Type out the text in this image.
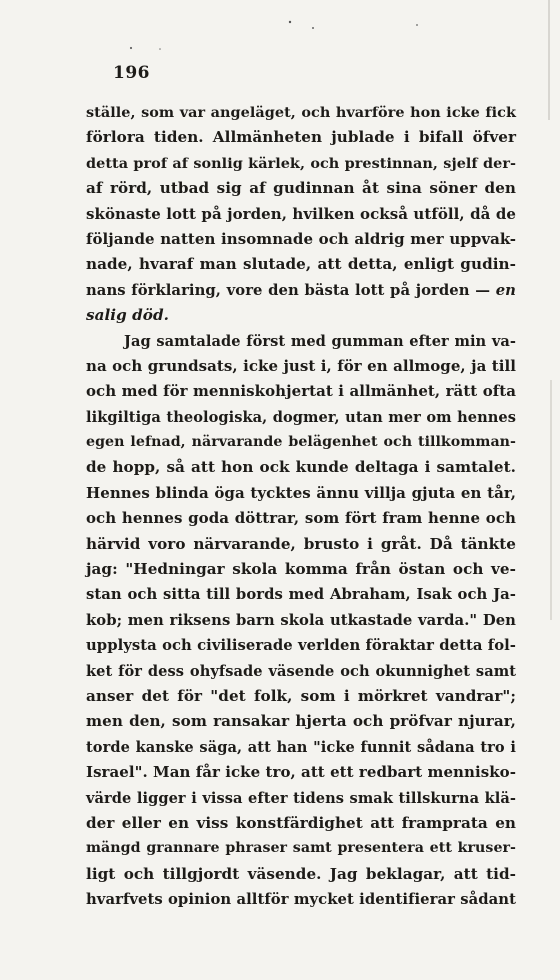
196
ställe, som var angeläget, och hvarföre hon icke fick
förlora tiden. Allmänheten jublade i bifall öfver
detta prof af sonlig kärlek, och prestinnan, sjelf der-
af rörd, utbad sig af gudinnan åt sina söner den
skönaste lott på jorden, hvilken också utföll, då de
följande natten insomnade och aldrig mer uppvak-
nade, hvaraf man slutade, att detta, enligt gudin-
nans förklaring, vore den bästa lott på jorden — en
salig död.
Jag samtalade först med gumman efter min va-
na och grundsats, icke just i, för en allmoge, ja till
och med för menniskohjertat i allmänhet, rätt ofta
likgiltiga theologiska, dogmer, utan mer om hennes
egen lefnad, närvarande belägenhet och tillkomman-
de hopp, så att hon ock kunde deltaga i samtalet.
Hennes blinda öga tycktes ännu villja gjuta en tår,
och hennes goda döttrar, som fört fram henne och
härvid voro närvarande, brusto i gråt. Då tänkte
jag: "Hedningar skola komma från östan och ve-
stan och sitta till bords med Abraham, Isak och Ja-
kob; men riksens barn skola utkastade varda." Den
upplysta och civiliserade verlden föraktar detta fol-
ket för dess ohyfsade väsende och okunnighet samt
anser det för "det folk, som i mörkret vandrar";
men den, som ransakar hjerta och pröfvar njurar,
torde kanske säga, att han "icke funnit sådana tro i
Israel". Man får icke tro, att ett redbart mennisko-
värde ligger i vissa efter tidens smak tillskurna klä-
der eller en viss konstfärdighet att framprata en
mängd grannare phraser samt presentera ett kruser-
ligt och tillgjordt väsende. Jag beklagar, att tid-
hvarfvets opinion alltför mycket identifierar sådant
